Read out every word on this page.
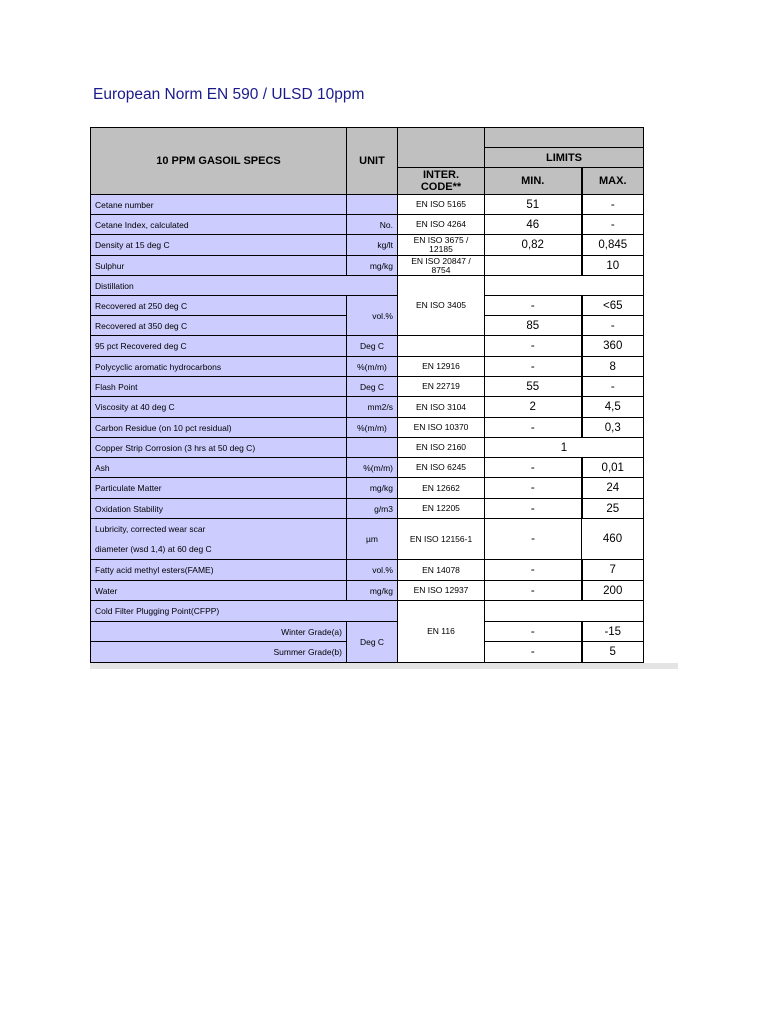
European Norm EN 590 / ULSD 10ppm
10 PPM GASOIL SPECS	UNIT			
			LIMITS	
		INTER. CODE**	MIN.	MAX.
Cetane number		EN ISO 5165	51	-
Cetane Index, calculated	No.	EN ISO 4264	46	-
Density at 15 deg C	kg/lt	EN ISO 3675 / 12185	0,82	0,845
Sulphur	mg/kg	EN ISO 20847 / 8754		10
Distillation		EN ISO 3405		
Recovered at 250 deg C	vol.%		-	<65
Recovered at 350 deg C			85	-
95 pct Recovered deg C	Deg C		-	360
Polycyclic aromatic hydrocarbons	%(m/m)	EN 12916	-	8
Flash Point	Deg C	EN 22719	55	-
Viscosity at 40 deg C	mm2/s	EN ISO 3104	2	4,5
Carbon Residue (on 10 pct residual)	%(m/m)	EN ISO 10370	-	0,3
Copper Strip Corrosion (3 hrs at 50 deg C)		EN ISO 2160	1	
Ash	%(m/m)	EN ISO 6245	-	0,01
Particulate Matter	mg/kg	EN 12662	-	24
Oxidation Stability	g/m3	EN 12205	-	25
Lubricity, corrected wear scar
diameter (wsd 1,4) at 60 deg C	µm	EN ISO 12156-1	-	460
Fatty acid methyl esters(FAME)	vol.%	EN 14078	-	7
Water	mg/kg	EN ISO 12937	-	200
Cold Filter Plugging Point(CFPP)		EN 116		
Winter Grade(a)	Deg C		-	-15
Summer Grade(b)			-	5
